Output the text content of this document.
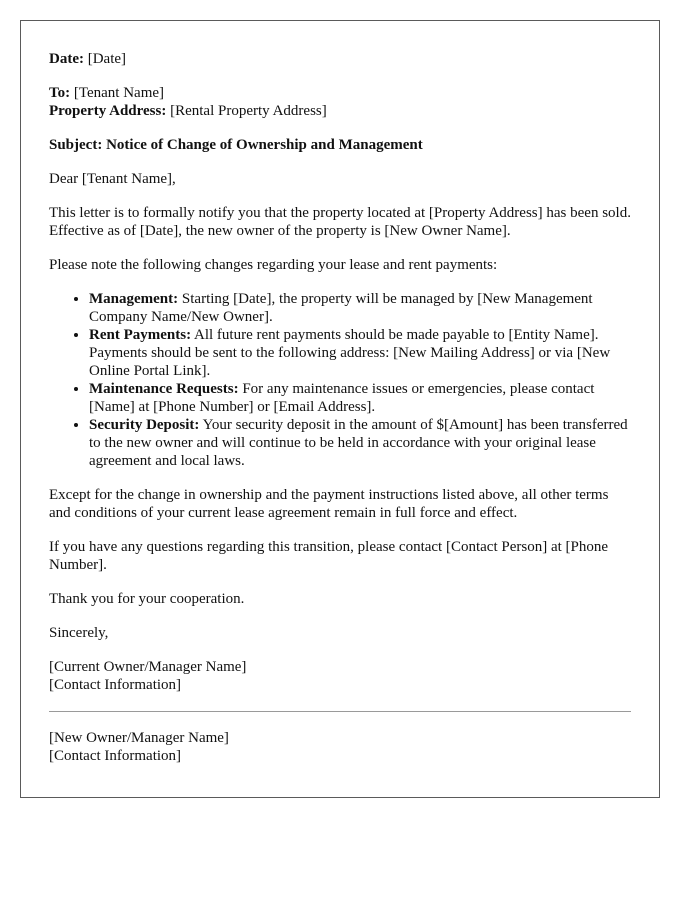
Date: [Date]

To: [Tenant Name]

Property Address: [Rental Property Address]

Subject: Notice of Change of Ownership and Management

Dear [Tenant Name],

This letter is to formally notify you that the property located at [Property Address] has been sold. Effective as of [Date], the new owner of the property is [New Owner Name].

Please note the following changes regarding your lease and rent payments:

• Management: Starting [Date], the property will be managed by [New Management Company Name/New Owner].
• Rent Payments: All future rent payments should be made payable to [Entity Name]. Payments should be sent to the following address: [New Mailing Address] or via [New Online Portal Link].
• Maintenance Requests: For any maintenance issues or emergencies, please contact [Name] at [Phone Number] or [Email Address].
• Security Deposit: Your security deposit in the amount of $[Amount] has been transferred to the new owner and will continue to be held in accordance with your original lease agreement and local laws.

Except for the change in ownership and the payment instructions listed above, all other terms and conditions of your current lease agreement remain in full force and effect.

If you have any questions regarding this transition, please contact [Contact Person] at [Phone Number].

Thank you for your cooperation.

Sincerely,

[Current Owner/Manager Name]

[Contact Information]

[New Owner/Manager Name]

[Contact Information]
